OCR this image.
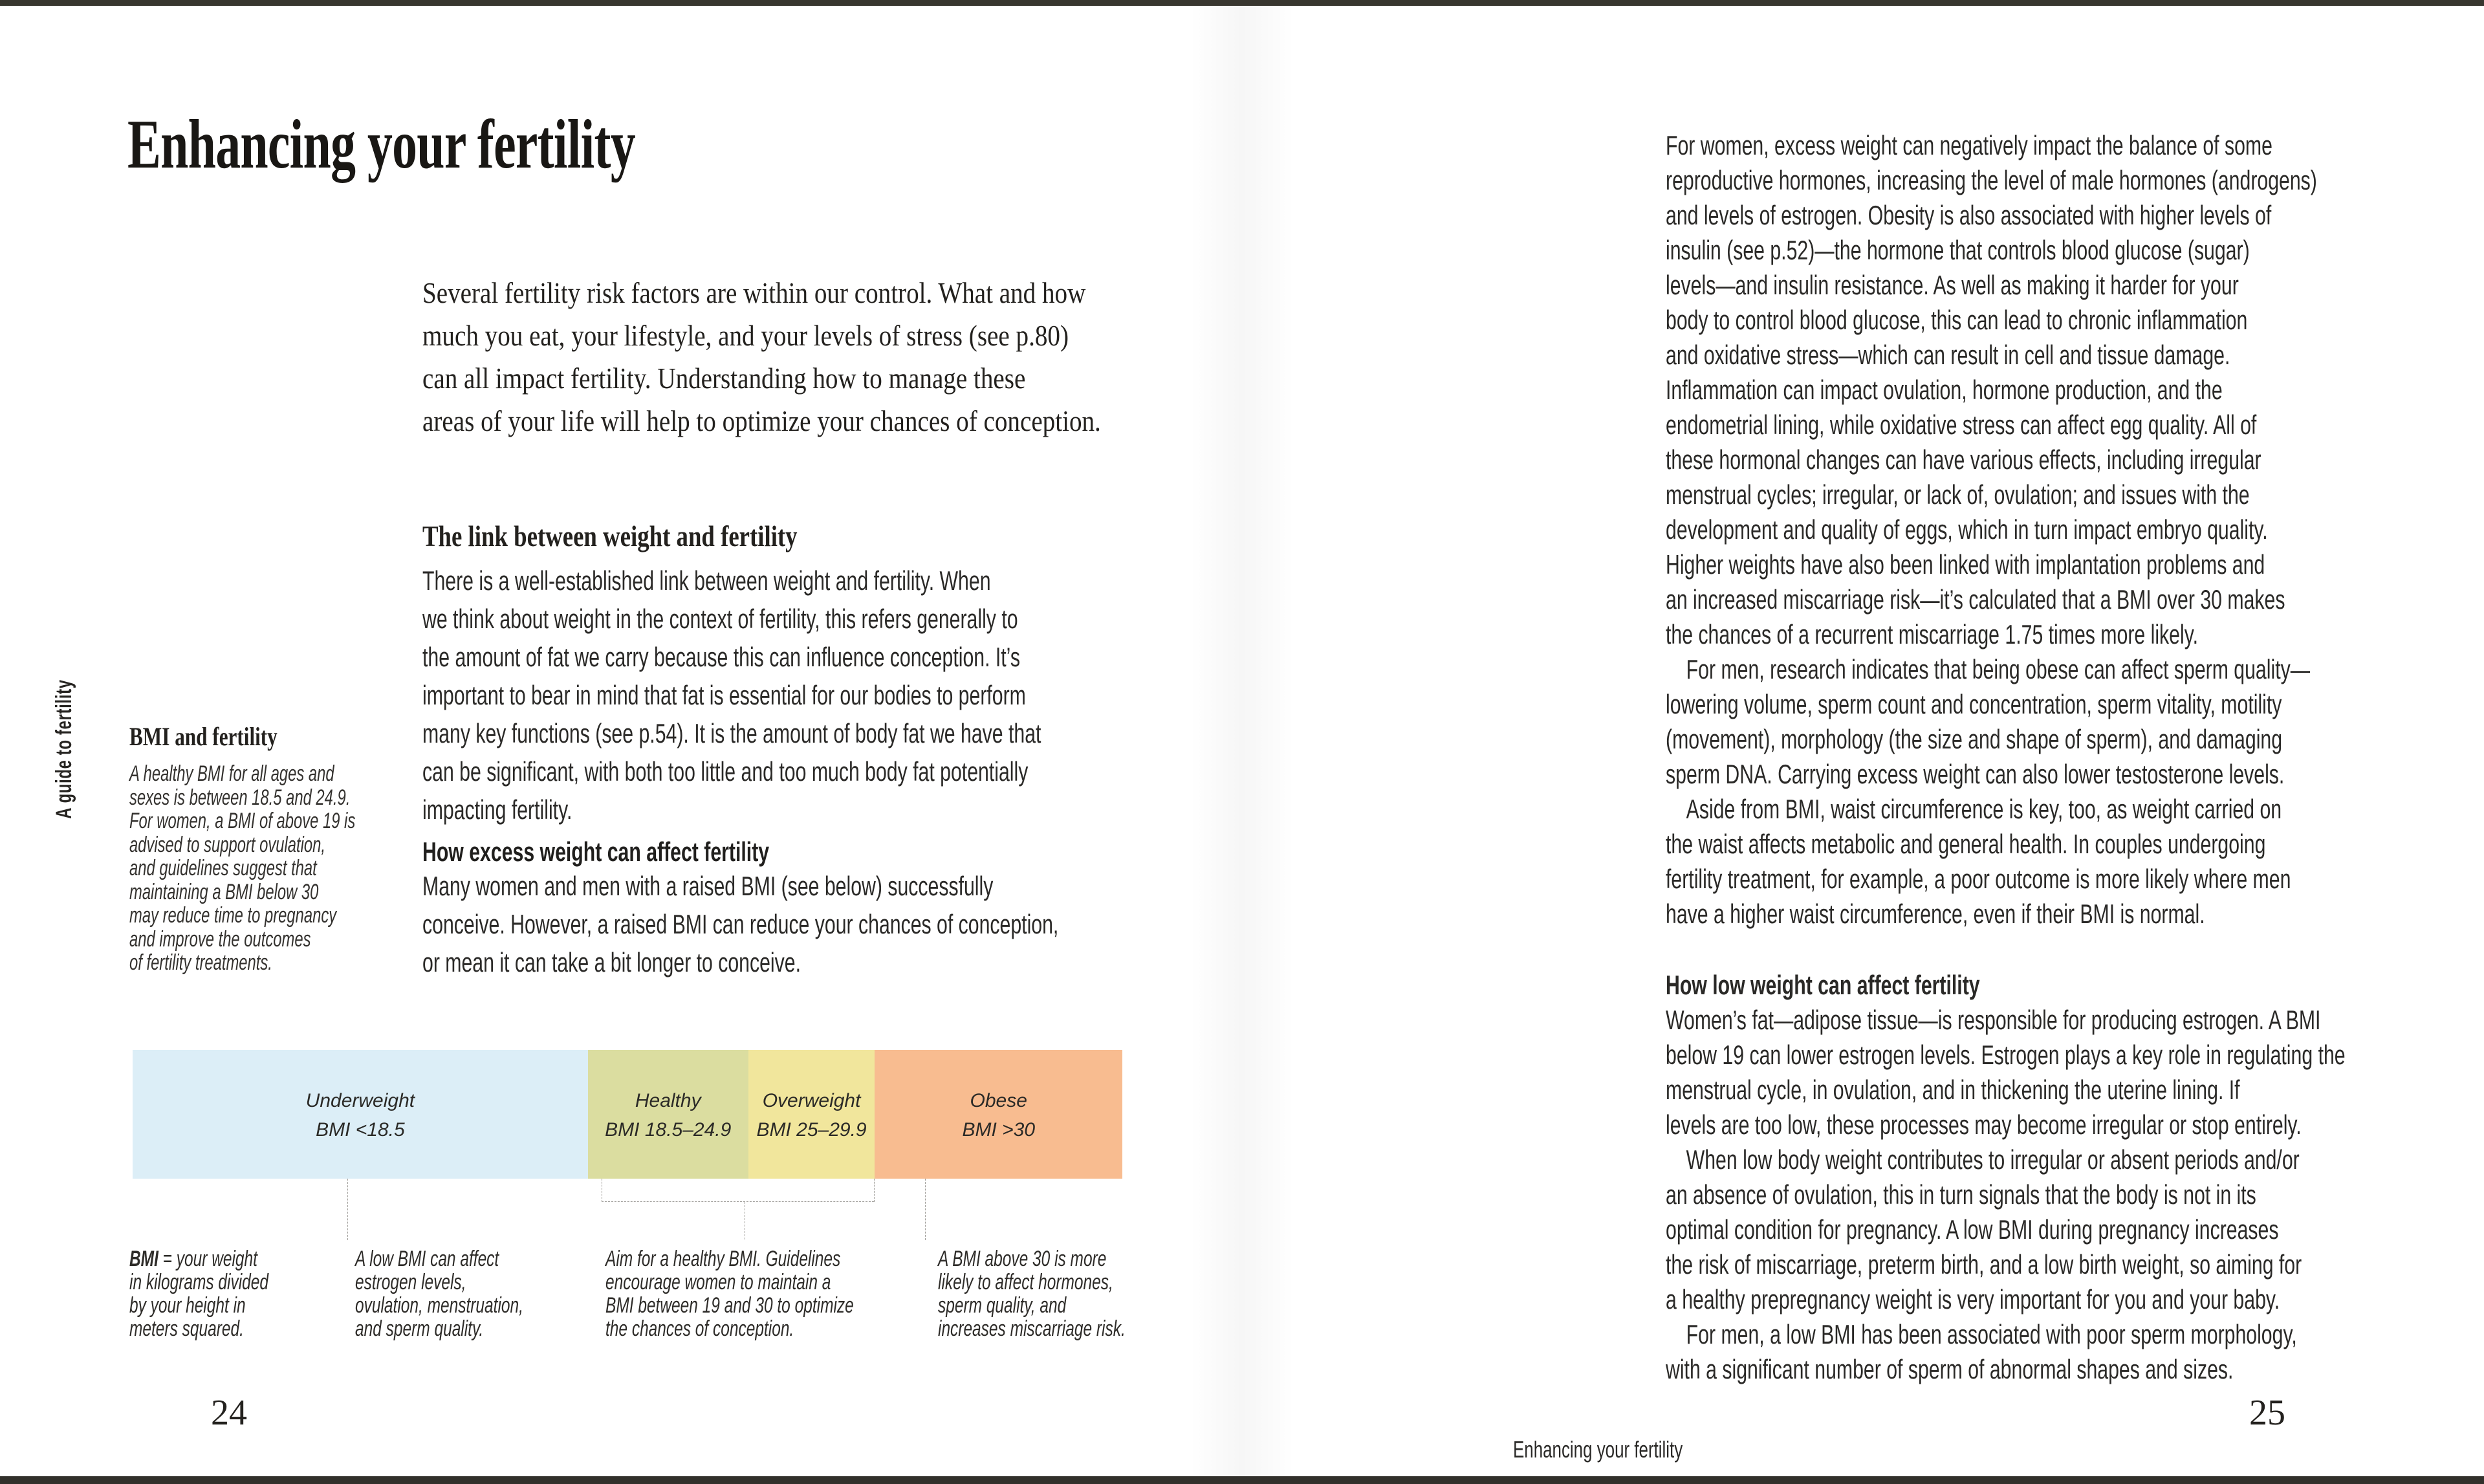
Enhancing your fertility
A guide to fertility
Several fertility risk factors are within our control. What and how
much you eat, your lifestyle, and your levels of stress (see p.80)
can all impact fertility. Understanding how to manage these
areas of your life will help to optimize your chances of conception.
The link between weight and fertility
There is a well-established link between weight and fertility. When
we think about weight in the context of fertility, this refers generally to
the amount of fat we carry because this can influence conception. It’s
important to bear in mind that fat is essential for our bodies to perform
many key functions (see p.54). It is the amount of body fat we have that
can be significant, with both too little and too much body fat potentially
impacting fertility.
How excess weight can affect fertility
Many women and men with a raised BMI (see below) successfully
conceive. However, a raised BMI can reduce your chances of conception,
or mean it can take a bit longer to conceive.
BMI and fertility
A healthy BMI for all ages and
sexes is between 18.5 and 24.9.
For women, a BMI of above 19 is
advised to support ovulation,
and guidelines suggest that
maintaining a BMI below 30
may reduce time to pregnancy
and improve the outcomes
of fertility treatments.
Underweight
BMI <18.5
Healthy
BMI 18.5–24.9
Overweight
BMI 25–29.9
Obese
BMI >30
BMI = your weight
in kilograms divided
by your height in
meters squared.
A low BMI can affect
estrogen levels,
ovulation, menstruation,
and sperm quality.
Aim for a healthy BMI. Guidelines
encourage women to maintain a
BMI between 19 and 30 to optimize
the chances of conception.
A BMI above 30 is more
likely to affect hormones,
sperm quality, and
increases miscarriage risk.
24
For women, excess weight can negatively impact the balance of some
reproductive hormones, increasing the level of male hormones (androgens)
and levels of estrogen. Obesity is also associated with higher levels of
insulin (see p.52)—the hormone that controls blood glucose (sugar)
levels—and insulin resistance. As well as making it harder for your
body to control blood glucose, this can lead to chronic inflammation
and oxidative stress—which can result in cell and tissue damage.
Inflammation can impact ovulation, hormone production, and the
endometrial lining, while oxidative stress can affect egg quality. All of
these hormonal changes can have various effects, including irregular
menstrual cycles; irregular, or lack of, ovulation; and issues with the
development and quality of eggs, which in turn impact embryo quality.
Higher weights have also been linked with implantation problems and
an increased miscarriage risk—it’s calculated that a BMI over 30 makes
the chances of a recurrent miscarriage 1.75 times more likely.
For men, research indicates that being obese can affect sperm quality—
lowering volume, sperm count and concentration, sperm vitality, motility
(movement), morphology (the size and shape of sperm), and damaging
sperm DNA. Carrying excess weight can also lower testosterone levels.
Aside from BMI, waist circumference is key, too, as weight carried on
the waist affects metabolic and general health. In couples undergoing
fertility treatment, for example, a poor outcome is more likely where men
have a higher waist circumference, even if their BMI is normal.
How low weight can affect fertility
Women’s fat—adipose tissue—is responsible for producing estrogen. A BMI
below 19 can lower estrogen levels. Estrogen plays a key role in regulating the
menstrual cycle, in ovulation, and in thickening the uterine lining. If
levels are too low, these processes may become irregular or stop entirely.
When low body weight contributes to irregular or absent periods and/or
an absence of ovulation, this in turn signals that the body is not in its
optimal condition for pregnancy. A low BMI during pregnancy increases
the risk of miscarriage, preterm birth, and a low birth weight, so aiming for
a healthy prepregnancy weight is very important for you and your baby.
For men, a low BMI has been associated with poor sperm morphology,
with a significant number of sperm of abnormal shapes and sizes.
Enhancing your fertility
25
